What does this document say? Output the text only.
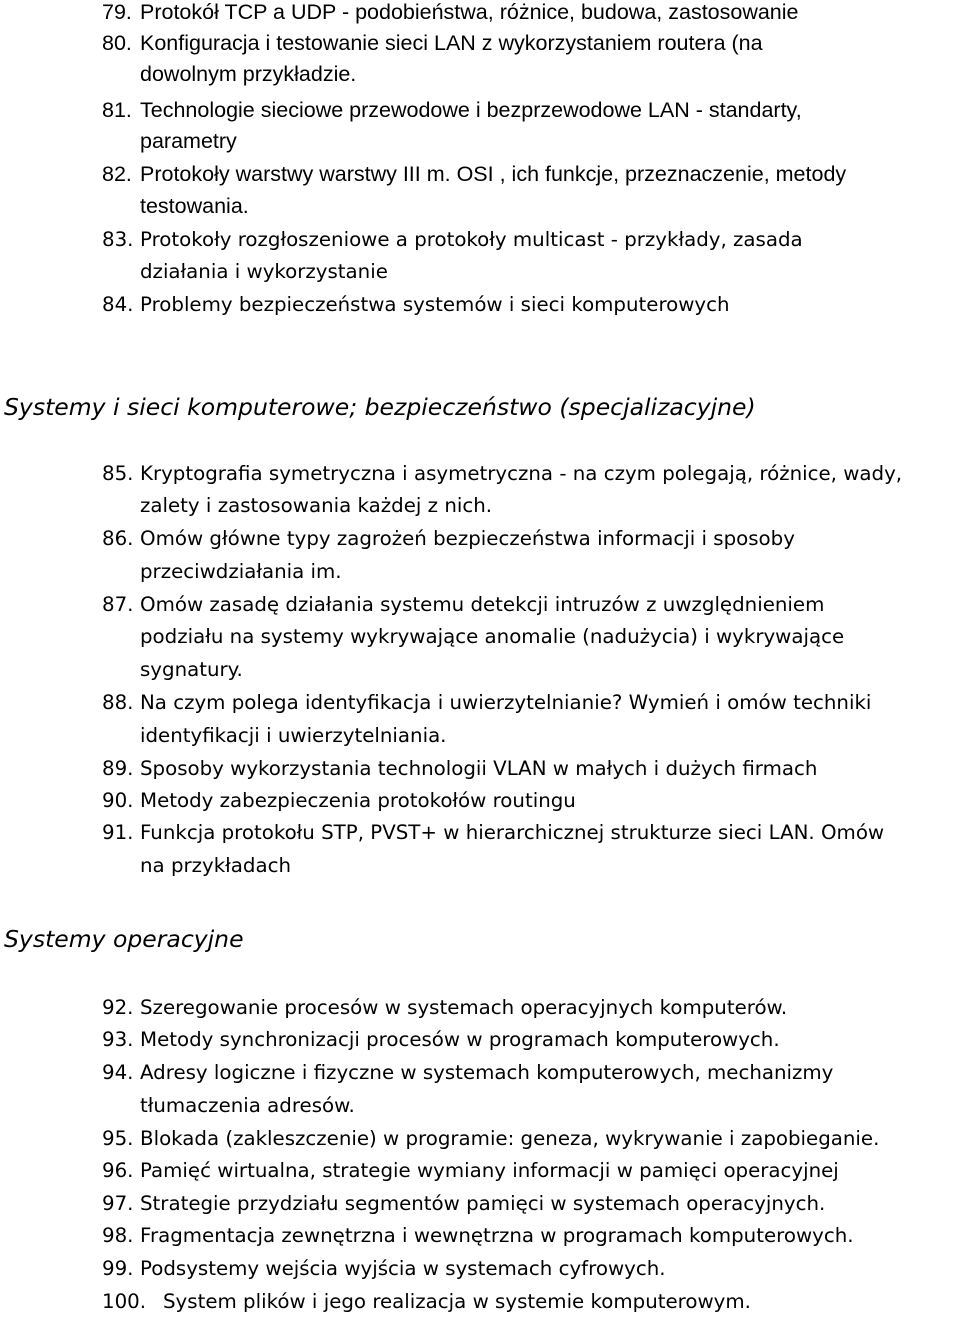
79. Protokół TCP a UDP - podobieństwa, różnice, budowa, zastosowanie
80. Konfiguracja i testowanie sieci LAN z wykorzystaniem routera (na
dowolnym przykładzie.
81. Technologie sieciowe przewodowe i bezprzewodowe LAN - standarty,
parametry
82. Protokoły warstwy warstwy III m. OSI , ich funkcje, przeznaczenie, metody
testowania.
83. Protokoły rozgłoszeniowe a protokoły multicast - przykłady, zasada
działania i wykorzystanie
84. Problemy bezpieczeństwa systemów i sieci komputerowych
Systemy i sieci komputerowe; bezpieczeństwo (specjalizacyjne)
85. Kryptografia symetryczna i asymetryczna - na czym polegają, różnice, wady,
zalety i zastosowania każdej z nich.
86. Omów główne typy zagrożeń bezpieczeństwa informacji i sposoby
przeciwdziałania im.
87. Omów zasadę działania systemu detekcji intruzów z uwzględnieniem
podziału na systemy wykrywające anomalie (nadużycia) i wykrywające
sygnatury.
88. Na czym polega identyfikacja i uwierzytelnianie? Wymień i omów techniki
identyfikacji i uwierzytelniania.
89. Sposoby wykorzystania technologii VLAN w małych i dużych firmach
90. Metody zabezpieczenia protokołów routingu
91. Funkcja protokołu STP, PVST+ w hierarchicznej strukturze sieci LAN. Omów
na przykładach
Systemy operacyjne
92. Szeregowanie procesów w systemach operacyjnych komputerów.
93. Metody synchronizacji procesów w programach komputerowych.
94. Adresy logiczne i fizyczne w systemach komputerowych, mechanizmy
tłumaczenia adresów.
95. Blokada (zakleszczenie) w programie: geneza, wykrywanie i zapobieganie.
96. Pamięć wirtualna, strategie wymiany informacji w pamięci operacyjnej
97. Strategie przydziału segmentów pamięci w systemach operacyjnych.
98. Fragmentacja zewnętrzna i wewnętrzna w programach komputerowych.
99. Podsystemy wejścia wyjścia w systemach cyfrowych.
100. System plików i jego realizacja w systemie komputerowym.
